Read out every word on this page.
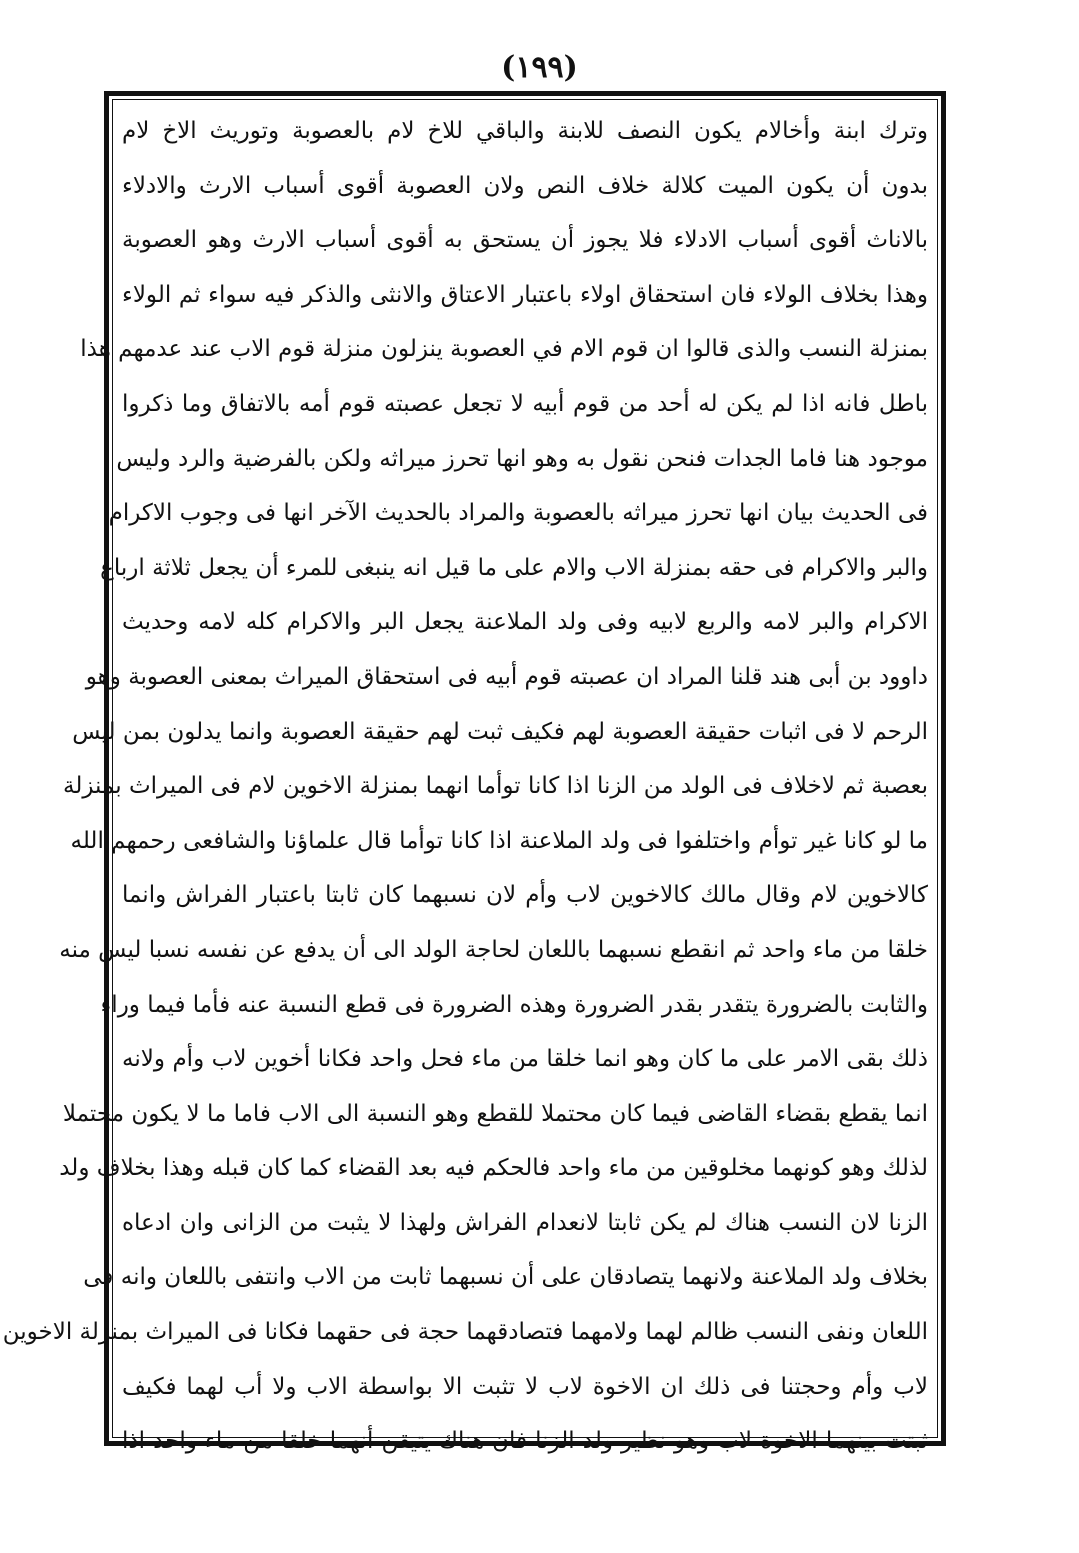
(١٩٩)
وترك ابنة وأخالام يكون النصف للابنة والباقي للاخ لام بالعصوبة وتوريث الاخ لام
بدون أن يكون الميت كلالة خلاف النص ولان العصوبة أقوى أسباب الارث والادلاء
بالاناث أقوى أسباب الادلاء فلا يجوز أن يستحق به أقوى أسباب الارث وهو العصوبة
وهذا بخلاف الولاء فان استحقاق اولاء باعتبار الاعتاق والانثى والذكر فيه سواء ثم الولاء
بمنزلة النسب والذى قالوا ان قوم الام في العصوبة ينزلون منزلة قوم الاب عند عدمهم هذا
باطل فانه اذا لم يكن له أحد من قوم أبيه لا تجعل عصبته قوم أمه بالاتفاق وما ذكروا
موجود هنا فاما الجدات فنحن نقول به وهو انها تحرز ميراثه ولكن بالفرضية والرد وليس
فى الحديث بيان انها تحرز ميراثه بالعصوبة والمراد بالحديث الآخر انها فى وجوب الاكرام
والبر والاكرام فى حقه بمنزلة الاب والام على ما قيل انه ينبغى للمرء أن يجعل ثلاثة ارباع
الاكرام والبر لامه والربع لابيه وفى ولد الملاعنة يجعل البر والاكرام كله لامه وحديث
داوود بن أبى هند قلنا المراد ان عصبته قوم أبيه فى استحقاق الميراث بمعنى العصوبة وهو
الرحم لا فى اثبات حقيقة العصوبة لهم فكيف ثبت لهم حقيقة العصوبة وانما يدلون بمن ليس
بعصبة ثم لاخلاف فى الولد من الزنا اذا كانا توأما انهما بمنزلة الاخوين لام فى الميراث بمنزلة
ما لو كانا غير توأم واختلفوا فى ولد الملاعنة اذا كانا توأما قال علماؤنا والشافعى رحمهم الله
كالاخوين لام وقال مالك كالاخوين لاب وأم لان نسبهما كان ثابتا باعتبار الفراش وانما
خلقا من ماء واحد ثم انقطع نسبهما باللعان لحاجة الولد الى أن يدفع عن نفسه نسبا ليس منه
والثابت بالضرورة يتقدر بقدر الضرورة وهذه الضرورة فى قطع النسبة عنه فأما فيما وراء
ذلك بقى الامر على ما كان وهو انما خلقا من ماء فحل واحد فكانا أخوين لاب وأم ولانه
انما يقطع بقضاء القاضى فيما كان محتملا للقطع وهو النسبة الى الاب فاما ما لا يكون محتملا
لذلك وهو كونهما مخلوقين من ماء واحد فالحكم فيه بعد القضاء كما كان قبله وهذا بخلاف ولد
الزنا لان النسب هناك لم يكن ثابتا لانعدام الفراش ولهذا لا يثبت من الزانى وان ادعاه
بخلاف ولد الملاعنة ولانهما يتصادقان على أن نسبهما ثابت من الاب وانتفى باللعان وانه فى
اللعان ونفى النسب ظالم لهما ولامهما فتصادقهما حجة فى حقهما فكانا فى الميراث بمنزلة الاخوين
لاب وأم وحجتنا فى ذلك ان الاخوة لاب لا تثبت الا بواسطة الاب ولا أب لهما فكيف
ثبتت بينهما الاخوة لاب وهو نظير ولد الزنا فان هناك يتيقن أنهما خلقا من ماء واحد اذا
